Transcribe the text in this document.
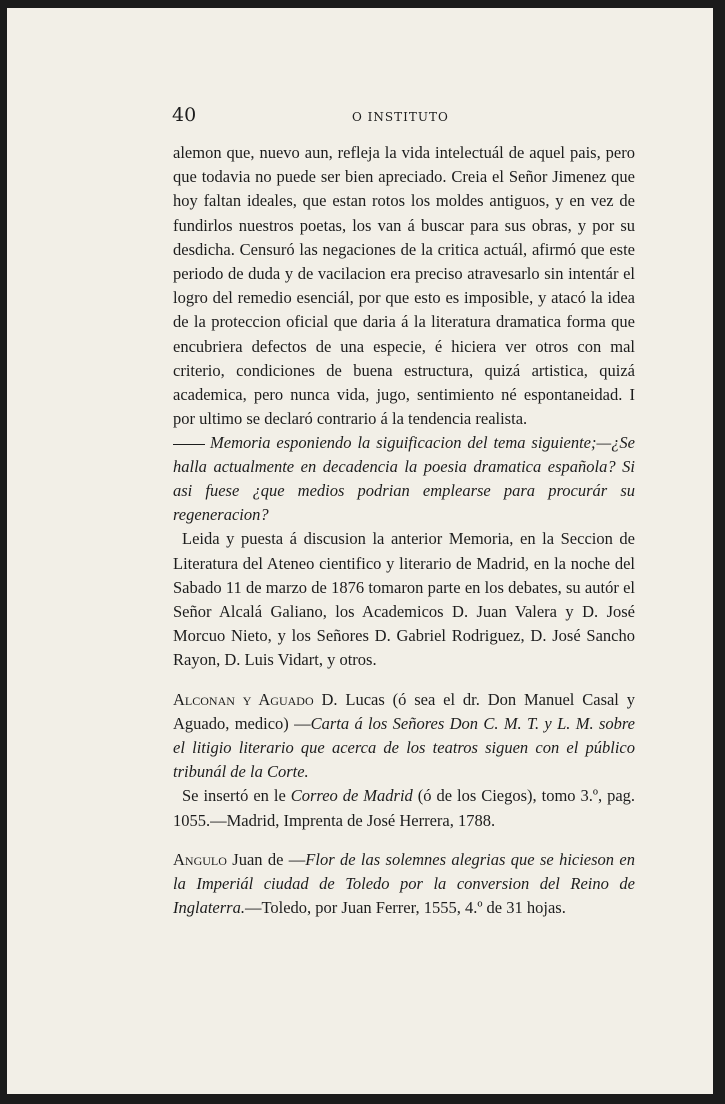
40	O INSTITUTO

alemon que, nuevo aun, refleja la vida intelectuál de aquel pais, pero que todavia no puede ser bien apreciado. Creia el Señor Jimenez que hoy faltan ideales, que estan rotos los moldes antiguos, y en vez de fundirlos nuestros poetas, los van á buscar para sus obras, y por su desdicha. Censuró las negaciones de la critica actuál, afirmó que este periodo de duda y de vacilacion era preciso atravesarlo sin intentár el logro del remedio esenciál, por que esto es imposible, y atacó la idea de la proteccion oficial que daria á la literatura dramatica forma que encubriera defectos de una especie, é hiciera ver otros con mal criterio, condiciones de buena estructura, quizá artistica, quizá academica, pero nunca vida, jugo, sentimiento né espontaneidad. I por ultimo se declaró contrario á la tendencia realista.

Memoria esponiendo la siguificacion del tema siguiente;—¿Se halla actualmente en decadencia la poesia dramatica española? Si asi fuese ¿que medios podrian emplearse para procurár su regeneracion?

Leida y puesta á discusion la anterior Memoria, en la Seccion de Literatura del Ateneo cientifico y literario de Madrid, en la noche del Sabado 11 de marzo de 1876 tomaron parte en los debates, su autór el Señor Alcalá Galiano, los Academicos D. Juan Valera y D. José Morcuo Nieto, y los Señores D. Gabriel Rodriguez, D. José Sancho Rayon, D. Luis Vidart, y otros.

Alconan y Aguado D. Lucas (ó sea el dr. Don Manuel Casal y Aguado, medico) —Carta á los Señores Don C. M. T. y L. M. sobre el litigio literario que acerca de los teatros siguen con el público tribunál de la Corte.

Se insertó en le Correo de Madrid (ó de los Ciegos), tomo 3.º, pag. 1055.—Madrid, Imprenta de José Herrera, 1788.

Angulo Juan de —Flor de las solemnes alegrias que se hicieson en la Imperiál ciudad de Toledo por la conversion del Reino de Inglaterra.—Toledo, por Juan Ferrer, 1555, 4.º de 31 hojas.
